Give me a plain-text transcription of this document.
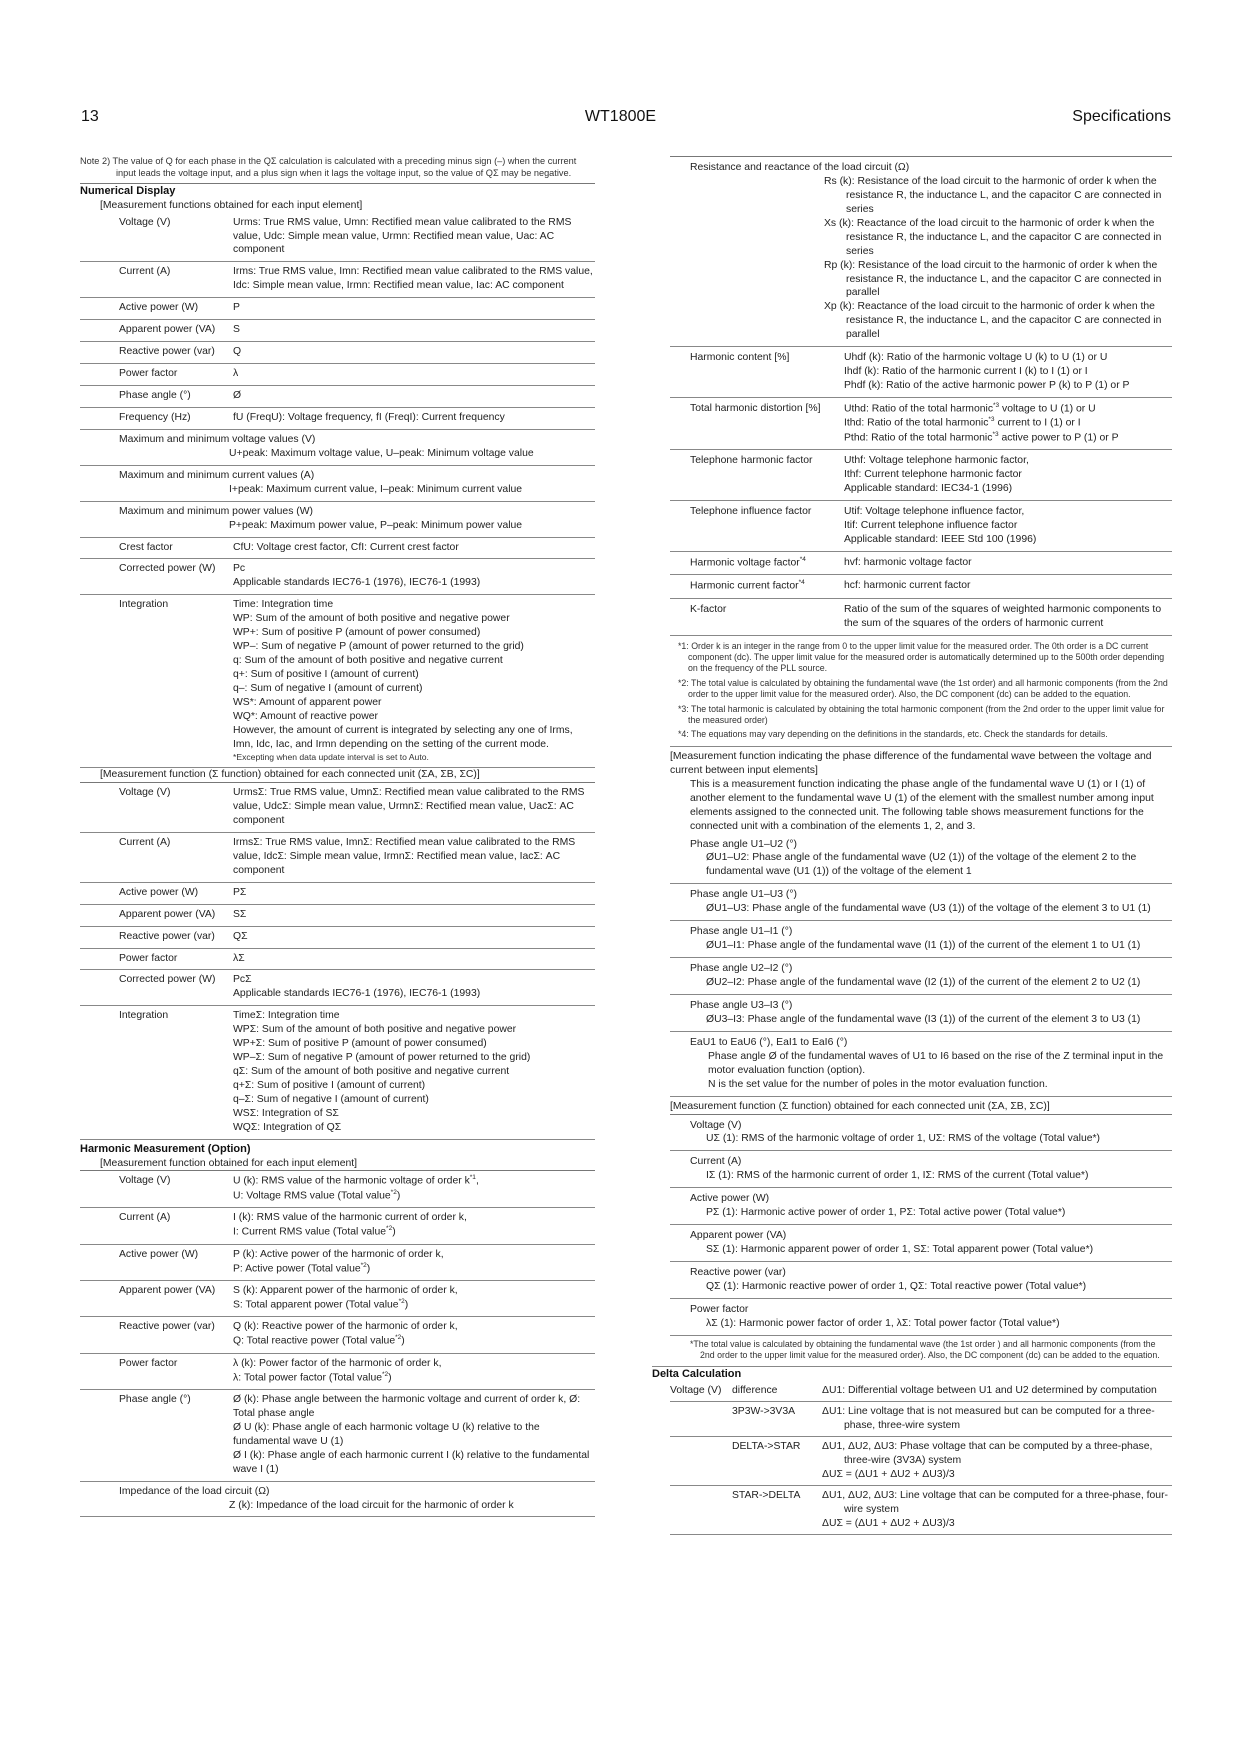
13	WT1800E	Specifications
Note 2) The value of Q for each phase in the QΣ calculation is calculated with a preceding minus sign (–) when the current input leads the voltage input, and a plus sign when it lags the voltage input, so the value of QΣ may be negative.
Numerical Display
[Measurement functions obtained for each input element]
Voltage (V)	Urms: True RMS value, Umn: Rectified mean value calibrated to the RMS value, Udc: Simple mean value, Urmn: Rectified mean value, Uac: AC component
Current (A)	Irms: True RMS value, Imn: Rectified mean value calibrated to the RMS value, Idc: Simple mean value, Irmn: Rectified mean value, Iac: AC component
Active power (W)	P
Apparent power (VA)	S
Reactive power (var)	Q
Power factor	λ
Phase angle (°)	Ø
Frequency (Hz)	fU (FreqU): Voltage frequency, fI (FreqI): Current frequency
Maximum and minimum voltage values (V)
U+peak: Maximum voltage value, U–peak: Minimum voltage value
Maximum and minimum current values (A)
I+peak: Maximum current value, I–peak: Minimum current value
Maximum and minimum power values (W)
P+peak: Maximum power value, P–peak: Minimum power value
Crest factor	CfU: Voltage crest factor, CfI: Current crest factor
Corrected power (W)	Pc
Applicable standards IEC76-1 (1976), IEC76-1 (1993)
Integration	Time: Integration time
WP: Sum of the amount of both positive and negative power
WP+: Sum of positive P (amount of power consumed)
WP–: Sum of negative P (amount of power returned to the grid)
q: Sum of the amount of both positive and negative current
q+: Sum of positive I (amount of current)
q–: Sum of negative I (amount of current)
WS*: Amount of apparent power
WQ*: Amount of reactive power
However, the amount of current is integrated by selecting any one of Irms, Imn, Idc, Iac, and Irmn depending on the setting of the current mode.
*Excepting when data update interval is set to Auto.
[Measurement function (Σ function) obtained for each connected unit (ΣA, ΣB, ΣC)]
Voltage (V)	UrmsΣ: True RMS value, UmnΣ: Rectified mean value calibrated to the RMS value, UdcΣ: Simple mean value, UrmnΣ: Rectified mean value, UacΣ: AC component
Current (A)	IrmsΣ: True RMS value, ImnΣ: Rectified mean value calibrated to the RMS value, IdcΣ: Simple mean value, IrmnΣ: Rectified mean value, IacΣ: AC component
Active power (W)	PΣ
Apparent power (VA)	SΣ
Reactive power (var)	QΣ
Power factor	λΣ
Corrected power (W)	PcΣ
Applicable standards IEC76-1 (1976), IEC76-1 (1993)
Integration	TimeΣ: Integration time
WPΣ: Sum of the amount of both positive and negative power
WP+Σ: Sum of positive P (amount of power consumed)
WP–Σ: Sum of negative P (amount of power returned to the grid)
qΣ: Sum of the amount of both positive and negative current
q+Σ: Sum of positive I (amount of current)
q–Σ: Sum of negative I (amount of current)
WSΣ: Integration of SΣ
WQΣ: Integration of QΣ
Harmonic Measurement (Option)
[Measurement function obtained for each input element]
Voltage (V)	U (k): RMS value of the harmonic voltage of order $k^{*1}$,
U: Voltage RMS value (Total value$^{*2}$)
Current (A)	I (k): RMS value of the harmonic current of order k,
I: Current RMS value (Total value$^{*2}$)
Active power (W)	P (k): Active power of the harmonic of order k,
P: Active power (Total value$^{*2}$)
Apparent power (VA)	S (k): Apparent power of the harmonic of order k,
S: Total apparent power (Total value$^{*2}$)
Reactive power (var)	Q (k): Reactive power of the harmonic of order k,
Q: Total reactive power (Total value$^{*2}$)
Power factor	λ (k): Power factor of the harmonic of order k,
λ: Total power factor (Total value$^{*2}$)
Phase angle (°)	Ø (k): Phase angle between the harmonic voltage and current of order k, Ø: Total phase angle
Ø U (k): Phase angle of each harmonic voltage U (k) relative to the fundamental wave U (1)
Ø I (k): Phase angle of each harmonic current I (k) relative to the fundamental wave I (1)
Impedance of the load circuit (Ω)
Z (k): Impedance of the load circuit for the harmonic of order k
Resistance and reactance of the load circuit (Ω)
Rs (k): Resistance of the load circuit to the harmonic of order k when the resistance R, the inductance L, and the capacitor C are connected in series
Xs (k): Reactance of the load circuit to the harmonic of order k when the resistance R, the inductance L, and the capacitor C are connected in series
Rp (k): Resistance of the load circuit to the harmonic of order k when the resistance R, the inductance L, and the capacitor C are connected in parallel
Xp (k): Reactance of the load circuit to the harmonic of order k when the resistance R, the inductance L, and the capacitor C are connected in parallel
Harmonic content [%]	Uhdf (k): Ratio of the harmonic voltage U (k) to U (1) or U
Ihdf (k): Ratio of the harmonic current I (k) to I (1) or I
Phdf (k): Ratio of the active harmonic power P (k) to P (1) or P
Total harmonic distortion [%]	Uthd: Ratio of the total harmonic$^{*3}$ voltage to U (1) or U
Ithd: Ratio of the total harmonic$^{*3}$ current to I (1) or I
Pthd: Ratio of the total harmonic$^{*3}$ active power to P (1) or P
Telephone harmonic factor	Uthf: Voltage telephone harmonic factor,
Ithf: Current telephone harmonic factor
Applicable standard: IEC34-1 (1996)
Telephone influence factor	Utif: Voltage telephone influence factor,
Itif: Current telephone influence factor
Applicable standard: IEEE Std 100 (1996)
Harmonic voltage factor$^{*4}$	hvf: harmonic voltage factor
Harmonic current factor$^{*4}$	hcf: harmonic current factor
K-factor	Ratio of the sum of the squares of weighted harmonic components to the sum of the squares of the orders of harmonic current
*1: Order k is an integer in the range from 0 to the upper limit value for the measured order. The 0th order is a DC current component (dc). The upper limit value for the measured order is automatically determined up to the 500th order depending on the frequency of the PLL source.
*2: The total value is calculated by obtaining the fundamental wave (the 1st order) and all harmonic components (from the 2nd order to the upper limit value for the measured order). Also, the DC component (dc) can be added to the equation.
*3: The total harmonic is calculated by obtaining the total harmonic component (from the 2nd order to the upper limit value for the measured order)
*4: The equations may vary depending on the definitions in the standards, etc. Check the standards for details.
[Measurement function indicating the phase difference of the fundamental wave between the voltage and current between input elements]
This is a measurement function indicating the phase angle of the fundamental wave U (1) or I (1) of another element to the fundamental wave U (1) of the element with the smallest number among input elements assigned to the connected unit. The following table shows measurement functions for the connected unit with a combination of the elements 1, 2, and 3.
Phase angle U1–U2 (°)
ØU1–U2: Phase angle of the fundamental wave (U2 (1)) of the voltage of the element 2 to the fundamental wave (U1 (1)) of the voltage of the element 1
Phase angle U1–U3 (°)
ØU1–U3: Phase angle of the fundamental wave (U3 (1)) of the voltage of the element 3 to U1 (1)
Phase angle U1–I1 (°)
ØU1–I1: Phase angle of the fundamental wave (I1 (1)) of the current of the element 1 to U1 (1)
Phase angle U2–I2 (°)
ØU2–I2: Phase angle of the fundamental wave (I2 (1)) of the current of the element 2 to U2 (1)
Phase angle U3–I3 (°)
ØU3–I3: Phase angle of the fundamental wave (I3 (1)) of the current of the element 3 to U3 (1)
EaU1 to EaU6 (°), EaI1 to EaI6 (°)
Phase angle Ø of the fundamental waves of U1 to I6 based on the rise of the Z terminal input in the motor evaluation function (option).
N is the set value for the number of poles in the motor evaluation function.
[Measurement function (Σ function) obtained for each connected unit (ΣA, ΣB, ΣC)]
Voltage (V)
UΣ (1): RMS of the harmonic voltage of order 1, UΣ: RMS of the voltage (Total value*)
Current (A)
IΣ (1): RMS of the harmonic current of order 1, IΣ: RMS of the current (Total value*)
Active power (W)
PΣ (1): Harmonic active power of order 1, PΣ: Total active power (Total value*)
Apparent power (VA)
SΣ (1): Harmonic apparent power of order 1, SΣ: Total apparent power (Total value*)
Reactive power (var)
QΣ (1): Harmonic reactive power of order 1, QΣ: Total reactive power (Total value*)
Power factor
λΣ (1): Harmonic power factor of order 1, λΣ: Total power factor (Total value*)
*The total value is calculated by obtaining the fundamental wave (the 1st order ) and all harmonic components (from the 2nd order to the upper limit value for the measured order). Also, the DC component (dc) can be added to the equation.
Delta Calculation
Voltage (V)	difference	ΔU1: Differential voltage between U1 and U2 determined by computation
3P3W->3V3A	ΔU1: Line voltage that is not measured but can be computed for a three-phase, three-wire system
DELTA->STAR	ΔU1, ΔU2, ΔU3: Phase voltage that can be computed by a three-phase, three-wire (3V3A) system
ΔUΣ = (ΔU1 + ΔU2 + ΔU3)/3
STAR->DELTA	ΔU1, ΔU2, ΔU3: Line voltage that can be computed for a three-phase, four-wire system
ΔUΣ = (ΔU1 + ΔU2 + ΔU3)/3
